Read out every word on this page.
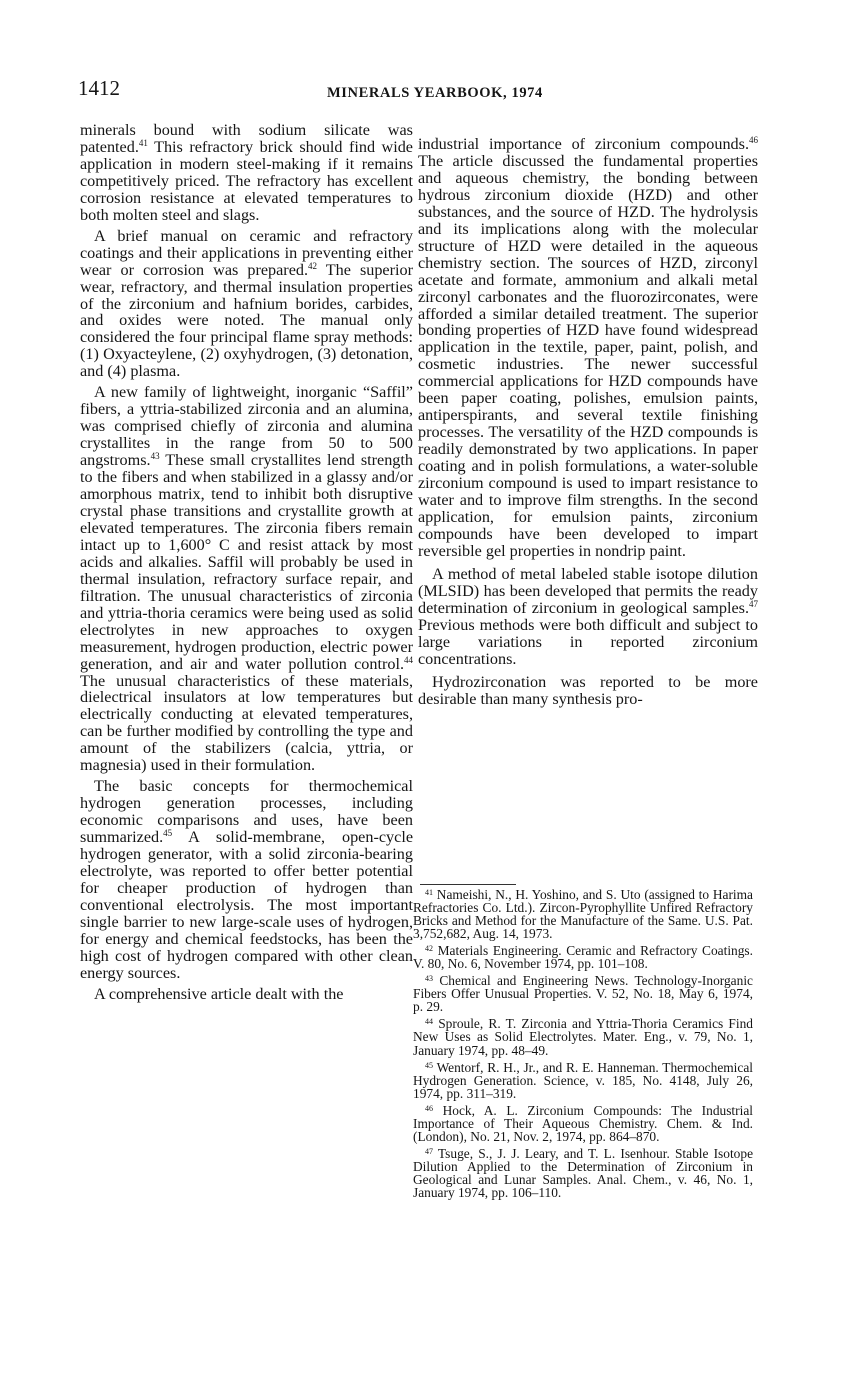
1412	MINERALS YEARBOOK, 1974

minerals bound with sodium silicate was patented.$^{41}$ This refractory brick should find wide application in modern steel-making if it remains competitively priced. The refractory has excellent corrosion resistance at elevated temperatures to both molten steel and slags.

A brief manual on ceramic and refractory coatings and their applications in preventing either wear or corrosion was prepared.$^{42}$ The superior wear, refractory, and thermal insulation properties of the zirconium and hafnium borides, carbides, and oxides were noted. The manual only considered the four principal flame spray methods: (1) Oxyacteylene, (2) oxyhydrogen, (3) detonation, and (4) plasma.

A new family of lightweight, inorganic “Saffil” fibers, a yttria-stabilized zirconia and an alumina, was comprised chiefly of zirconia and alumina crystallites in the range from 50 to 500 angstroms.$^{43}$ These small crystallites lend strength to the fibers and when stabilized in a glassy and/or amorphous matrix, tend to inhibit both disruptive crystal phase transitions and crystallite growth at elevated temperatures. The zirconia fibers remain intact up to 1,600° C and resist attack by most acids and alkalies. Saffil will probably be used in thermal insulation, refractory surface repair, and filtration. The unusual characteristics of zirconia and yttria-thoria ceramics were being used as solid electrolytes in new approaches to oxygen measurement, hydrogen production, electric power generation, and air and water pollution control.$^{44}$ The unusual characteristics of these materials, dielectrical insulators at low temperatures but electrically conducting at elevated temperatures, can be further modified by controlling the type and amount of the stabilizers (calcia, yttria, or magnesia) used in their formulation.

The basic concepts for thermochemical hydrogen generation processes, including economic comparisons and uses, have been summarized.$^{45}$ A solid-membrane, open-cycle hydrogen generator, with a solid zirconia-bearing electrolyte, was reported to offer better potential for cheaper production of hydrogen than conventional electrolysis. The most important single barrier to new large-scale uses of hydrogen, for energy and chemical feedstocks, has been the high cost of hydrogen compared with other clean energy sources.

A comprehensive article dealt with the

industrial importance of zirconium compounds.$^{46}$ The article discussed the fundamental properties and aqueous chemistry, the bonding between hydrous zirconium dioxide (HZD) and other substances, and the source of HZD. The hydrolysis and its implications along with the molecular structure of HZD were detailed in the aqueous chemistry section. The sources of HZD, zirconyl acetate and formate, ammonium and alkali metal zirconyl carbonates and the fluorozirconates, were afforded a similar detailed treatment. The superior bonding properties of HZD have found widespread application in the textile, paper, paint, polish, and cosmetic industries. The newer successful commercial applications for HZD compounds have been paper coating, polishes, emulsion paints, antiperspirants, and several textile finishing processes. The versatility of the HZD compounds is readily demonstrated by two applications. In paper coating and in polish formulations, a water-soluble zirconium compound is used to impart resistance to water and to improve film strengths. In the second application, for emulsion paints, zirconium compounds have been developed to impart reversible gel properties in nondrip paint.

A method of metal labeled stable isotope dilution (MLSID) has been developed that permits the ready determination of zirconium in geological samples.$^{47}$ Previous methods were both difficult and subject to large variations in reported zirconium concentrations.

Hydrozirconation was reported to be more desirable than many synthesis pro-

$^{41}$ Nameishi, N., H. Yoshino, and S. Uto (assigned to Harima Refractories Co. Ltd.). Zircon-Pyrophyllite Unfired Refractory Bricks and Method for the Manufacture of the Same. U.S. Pat. 3,752,682, Aug. 14, 1973.

$^{42}$ Materials Engineering. Ceramic and Refractory Coatings. V. 80, No. 6, November 1974, pp. 101–108.

$^{43}$ Chemical and Engineering News. Technology-Inorganic Fibers Offer Unusual Properties. V. 52, No. 18, May 6, 1974, p. 29.

$^{44}$ Sproule, R. T. Zirconia and Yttria-Thoria Ceramics Find New Uses as Solid Electrolytes. Mater. Eng., v. 79, No. 1, January 1974, pp. 48–49.

$^{45}$ Wentorf, R. H., Jr., and R. E. Hanneman. Thermochemical Hydrogen Generation. Science, v. 185, No. 4148, July 26, 1974, pp. 311–319.

$^{46}$ Hock, A. L. Zirconium Compounds: The Industrial Importance of Their Aqueous Chemistry. Chem. & Ind. (London), No. 21, Nov. 2, 1974, pp. 864–870.

$^{47}$ Tsuge, S., J. J. Leary, and T. L. Isenhour. Stable Isotope Dilution Applied to the Determination of Zirconium in Geological and Lunar Samples. Anal. Chem., v. 46, No. 1, January 1974, pp. 106–110.
